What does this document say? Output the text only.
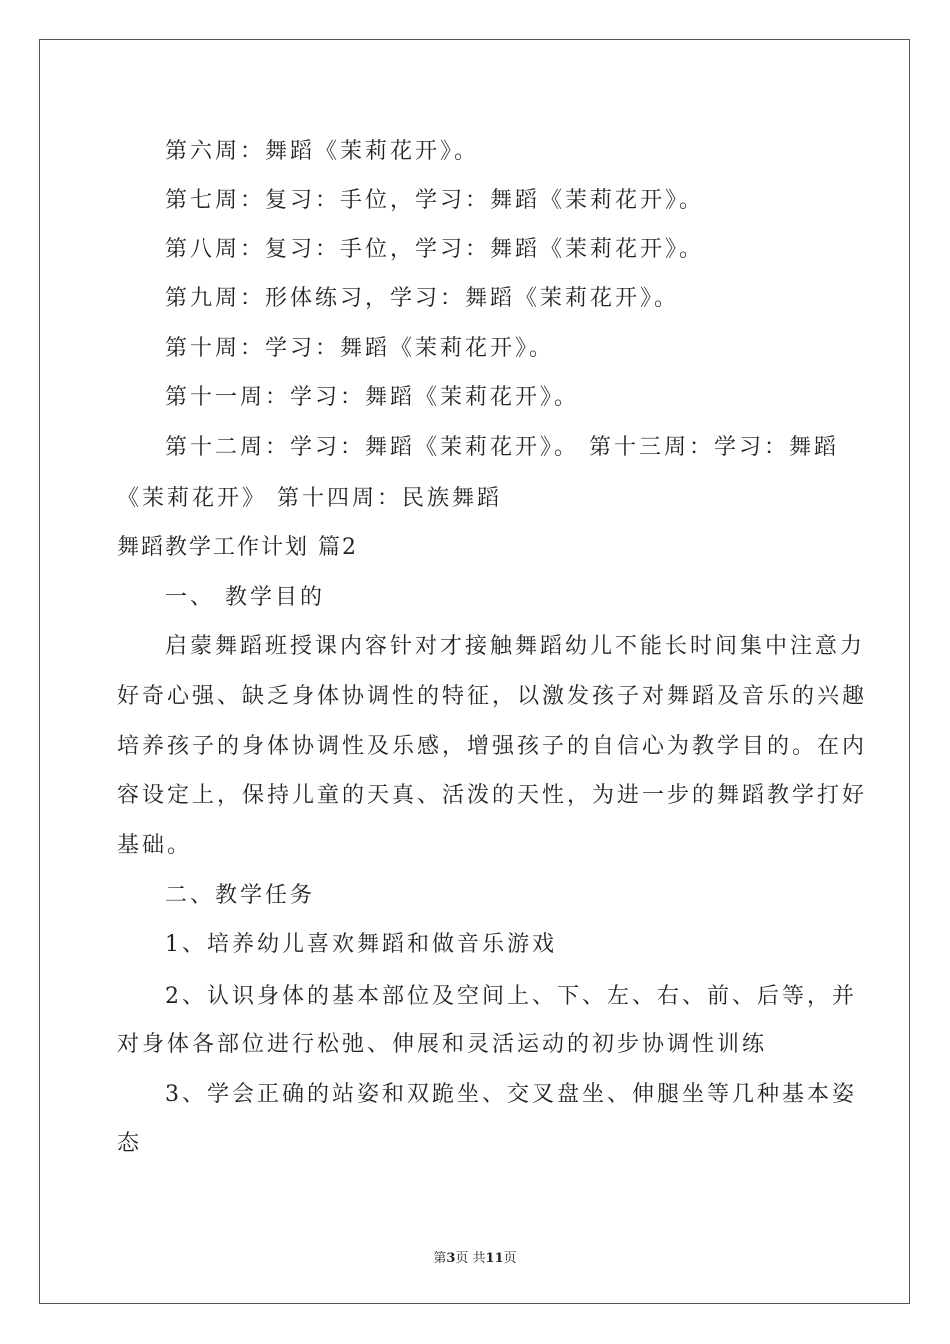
第六周：舞蹈《茉莉花开》。
第七周：复习：手位，学习：舞蹈《茉莉花开》。
第八周：复习：手位，学习：舞蹈《茉莉花开》。
第九周：形体练习，学习：舞蹈《茉莉花开》。
第十周：学习：舞蹈《茉莉花开》。
第十一周：学习：舞蹈《茉莉花开》。
第十二周：学习：舞蹈《茉莉花开》。 第十三周：学习：舞蹈
《茉莉花开》 第十四周：民族舞蹈
舞蹈教学工作计划 篇2
一、 教学目的
启蒙舞蹈班授课内容针对才接触舞蹈幼儿不能长时间集中注意力
好奇心强、缺乏身体协调性的特征，以激发孩子对舞蹈及音乐的兴趣
培养孩子的身体协调性及乐感，增强孩子的自信心为教学目的。在内
容设定上，保持儿童的天真、活泼的天性，为进一步的舞蹈教学打好
基础。
二、教学任务
1、培养幼儿喜欢舞蹈和做音乐游戏
2、认识身体的基本部位及空间上、下、左、右、前、后等，并
对身体各部位进行松弛、伸展和灵活运动的初步协调性训练
3、学会正确的站姿和双跪坐、交叉盘坐、伸腿坐等几种基本姿
态
第3页 共11页
